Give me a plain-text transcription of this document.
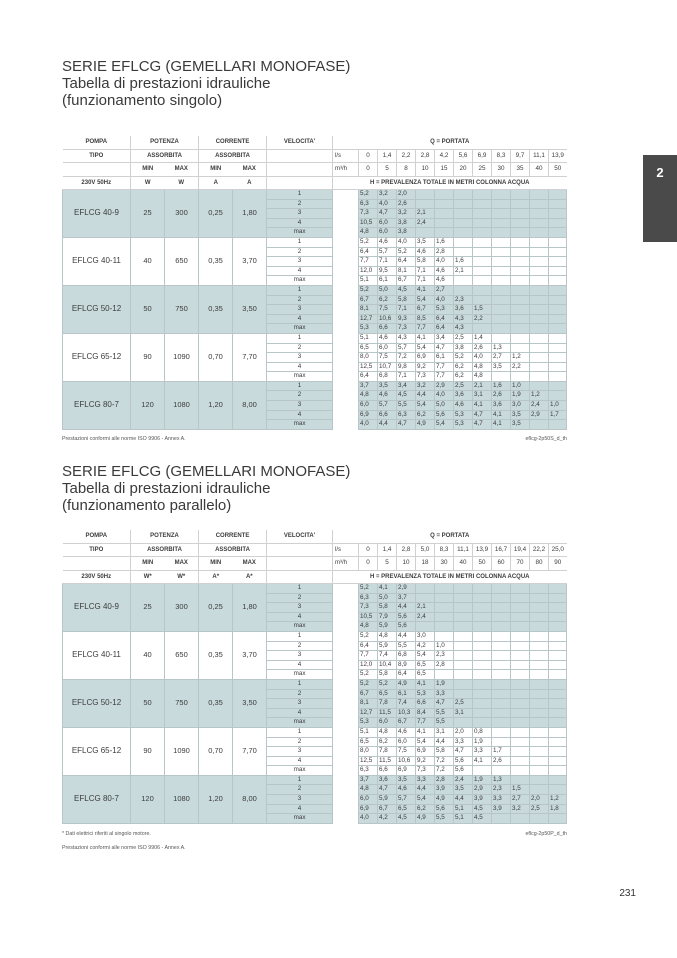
SERIE EFLCG (GEMELLARI MONOFASE)
Tabella di prestazioni idrauliche
(funzionamento singolo)
2
POMPA	POTENZA		CORRENTE		VELOCITA'	Q = PORTATA											
TIPO	ASSORBITA		ASSORBITA			l/s	0	1,4	2,2	2,8	4,2	5,6	6,9	8,3	9,7	11,1	13,9
	MIN	MAX	MIN	MAX		m³/h	0	5	8	10	15	20	25	30	35	40	50
230V 50Hz	W	W	A	A		H = PREVALENZA TOTALE IN METRI COLONNA ACQUA											
EFLCG 40-9	25	300	0,25	1,80	1		5,2	3,2	2,0								
					2		6,3	4,0	2,6								
					3		7,3	4,7	3,2	2,1							
					4		10,5	6,0	3,8	2,4							
					max		4,8	6,0	3,8								
EFLCG 40-11	40	650	0,35	3,70	1		5,2	4,6	4,0	3,5	1,6						
					2		6,4	5,7	5,2	4,6	2,8						
					3		7,7	7,1	6,4	5,8	4,0	1,6					
					4		12,0	9,5	8,1	7,1	4,6	2,1					
					max		5,1	6,1	6,7	7,1	4,6						
EFLCG 50-12	50	750	0,35	3,50	1		5,2	5,0	4,5	4,1	2,7						
					2		6,7	6,2	5,8	5,4	4,0	2,3					
					3		8,1	7,5	7,1	6,7	5,3	3,6	1,5				
					4		12,7	10,6	9,3	8,5	6,4	4,3	2,2				
					max		5,3	6,6	7,3	7,7	6,4	4,3					
EFLCG 65-12	90	1090	0,70	7,70	1		5,1	4,6	4,3	4,1	3,4	2,5	1,4				
					2		6,5	6,0	5,7	5,4	4,7	3,8	2,6	1,3			
					3		8,0	7,5	7,2	6,9	6,1	5,2	4,0	2,7	1,2		
					4		12,5	10,7	9,8	9,2	7,7	6,2	4,8	3,5	2,2		
					max		6,4	6,8	7,1	7,3	7,7	6,2	4,8				
EFLCG 80-7	120	1080	1,20	8,00	1		3,7	3,5	3,4	3,2	2,9	2,5	2,1	1,6	1,0		
					2		4,8	4,6	4,5	4,4	4,0	3,6	3,1	2,6	1,9	1,2	
					3		6,0	5,7	5,5	5,4	5,0	4,6	4,1	3,6	3,0	2,4	1,0
					4		6,9	6,6	6,3	6,2	5,6	5,3	4,7	4,1	3,5	2,9	1,7
					max		4,0	4,4	4,7	4,9	5,4	5,3	4,7	4,1	3,5		
Prestazioni conformi alle norme ISO 9906 - Annex A.	eflcg-2p50S_d_th
SERIE EFLCG (GEMELLARI MONOFASE)
Tabella di prestazioni idrauliche
(funzionamento parallelo)
POMPA	POTENZA		CORRENTE		VELOCITA'	Q = PORTATA											
TIPO	ASSORBITA		ASSORBITA			l/s	0	1,4	2,8	5,0	8,3	11,1	13,9	16,7	19,4	22,2	25,0
	MIN	MAX	MIN	MAX		m³/h	0	5	10	18	30	40	50	60	70	80	90
230V 50Hz	W*	W*	A*	A*		H = PREVALENZA TOTALE IN METRI COLONNA ACQUA											
EFLCG 40-9	25	300	0,25	1,80	1		5,2	4,1	2,9								
					2		6,3	5,0	3,7								
					3		7,3	5,8	4,4	2,1							
					4		10,5	7,9	5,6	2,4							
					max		4,8	5,9	5,6								
EFLCG 40-11	40	650	0,35	3,70	1		5,2	4,8	4,4	3,0							
					2		6,4	5,9	5,5	4,2	1,0						
					3		7,7	7,4	6,8	5,4	2,3						
					4		12,0	10,4	8,9	6,5	2,8						
					max		5,2	5,8	6,4	6,5							
EFLCG 50-12	50	750	0,35	3,50	1		5,2	5,2	4,9	4,1	1,9						
					2		6,7	6,5	6,1	5,3	3,3						
					3		8,1	7,8	7,4	6,6	4,7	2,5					
					4		12,7	11,5	10,3	8,4	5,5	3,1					
					max		5,3	6,0	6,7	7,7	5,5						
EFLCG 65-12	90	1090	0,70	7,70	1		5,1	4,8	4,6	4,1	3,1	2,0	0,8				
					2		6,5	6,2	6,0	5,4	4,4	3,3	1,9				
					3		8,0	7,8	7,5	6,9	5,8	4,7	3,3	1,7			
					4		12,5	11,5	10,6	9,2	7,2	5,6	4,1	2,6			
					max		6,3	6,6	6,9	7,3	7,2	5,6					
EFLCG 80-7	120	1080	1,20	8,00	1		3,7	3,6	3,5	3,3	2,8	2,4	1,9	1,3			
					2		4,8	4,7	4,6	4,4	3,9	3,5	2,9	2,3	1,5		
					3		6,0	5,9	5,7	5,4	4,9	4,4	3,9	3,3	2,7	2,0	1,2
					4		6,9	6,7	6,5	6,2	5,6	5,1	4,5	3,9	3,2	2,5	1,8
					max		4,0	4,2	4,5	4,9	5,5	5,1	4,5				
* Dati elettrici riferiti al singolo motore.	eflcg-2p50P_d_th
Prestazioni conformi alle norme ISO 9906 - Annex A.
231
